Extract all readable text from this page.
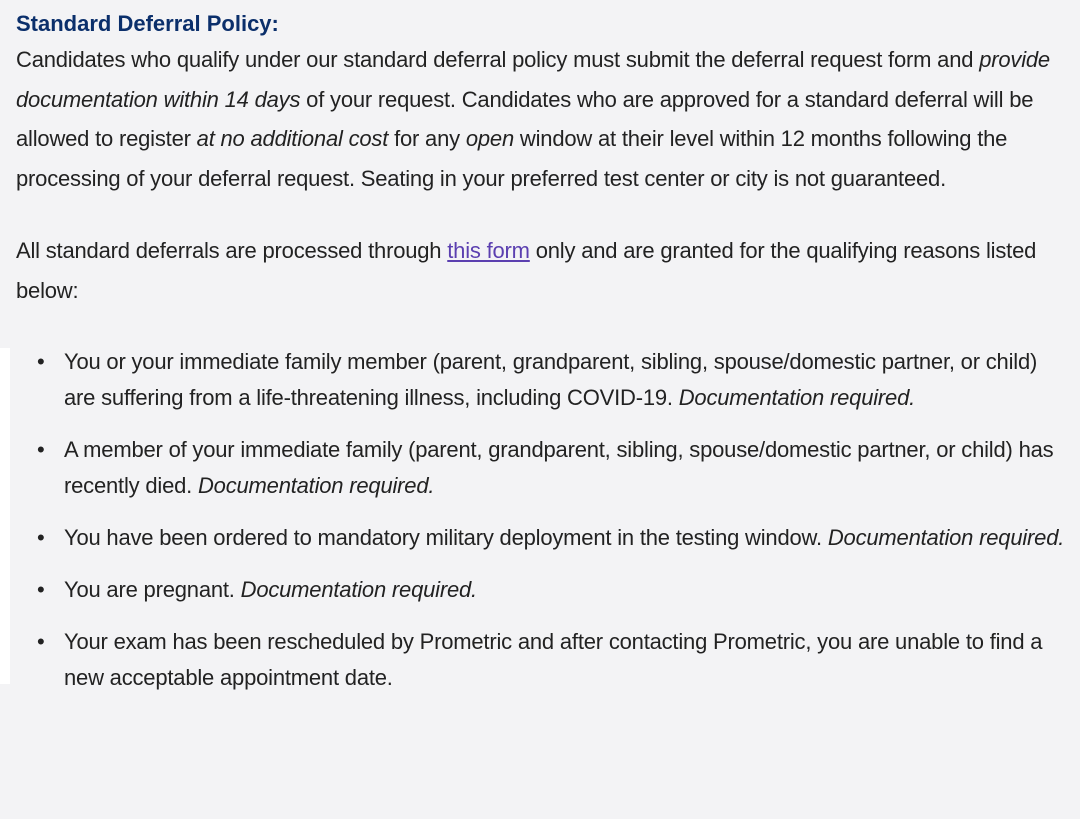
Standard Deferral Policy:

Candidates who qualify under our standard deferral policy must submit the deferral request form and provide documentation within 14 days of your request. Candidates who are approved for a standard deferral will be allowed to register at no additional cost for any open window at their level within 12 months following the processing of your deferral request. Seating in your preferred test center or city is not guaranteed.

All standard deferrals are processed through this form only and are granted for the qualifying reasons listed below:

• You or your immediate family member (parent, grandparent, sibling, spouse/domestic partner, or child) are suffering from a life-threatening illness, including COVID-19. Documentation required.
• A member of your immediate family (parent, grandparent, sibling, spouse/domestic partner, or child) has recently died. Documentation required.
• You have been ordered to mandatory military deployment in the testing window. Documentation required.
• You are pregnant. Documentation required.
• Your exam has been rescheduled by Prometric and after contacting Prometric, you are unable to find a new acceptable appointment date.
